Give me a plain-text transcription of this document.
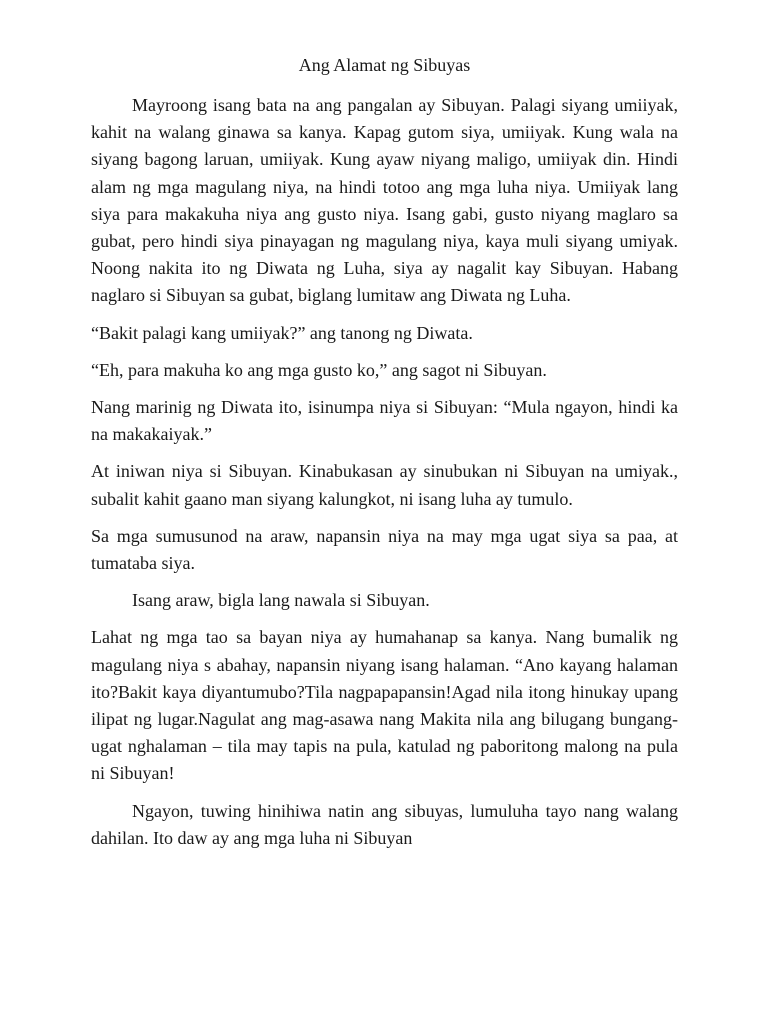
Ang Alamat ng Sibuyas

Mayroong isang bata na ang pangalan ay Sibuyan. Palagi siyang umiiyak, kahit na walang ginawa sa kanya. Kapag gutom siya, umiiyak. Kung wala na siyang bagong laruan, umiiyak. Kung ayaw niyang maligo, umiiyak din. Hindi alam ng mga magulang niya, na hindi totoo ang mga luha niya. Umiiyak lang siya para makakuha niya ang gusto niya. Isang gabi, gusto niyang maglaro sa gubat, pero hindi siya pinayagan ng magulang niya, kaya muli siyang umiyak. Noong nakita ito ng Diwata ng Luha, siya ay nagalit kay Sibuyan. Habang naglaro si Sibuyan sa gubat, biglang lumitaw ang Diwata ng Luha.

“Bakit palagi kang umiiyak?” ang tanong ng Diwata.

“Eh, para makuha ko ang mga gusto ko,” ang sagot ni Sibuyan.

Nang marinig ng Diwata ito, isinumpa niya si Sibuyan: “Mula ngayon, hindi ka na makakaiyak.”

At iniwan niya si Sibuyan. Kinabukasan ay sinubukan ni Sibuyan na umiyak., subalit kahit gaano man siyang kalungkot, ni isang luha ay tumulo.

Sa mga sumusunod na araw, napansin niya na may mga ugat siya sa paa, at tumataba siya.

Isang araw, bigla lang nawala si Sibuyan.

Lahat ng mga tao sa bayan niya ay humahanap sa kanya. Nang bumalik ng magulang niya s abahay, napansin niyang isang halaman. “Ano kayang halaman ito?Bakit kaya diyantumubo?Tila nagpapapansin!Agad nila itong hinukay upang ilipat ng lugar.Nagulat ang mag-asawa nang Makita nila ang bilugang bungang-ugat nghalaman – tila may tapis na pula, katulad ng paboritong malong na pula ni Sibuyan!

Ngayon, tuwing hinihiwa natin ang sibuyas, lumuluha tayo nang walang dahilan. Ito daw ay ang mga luha ni Sibuyan
